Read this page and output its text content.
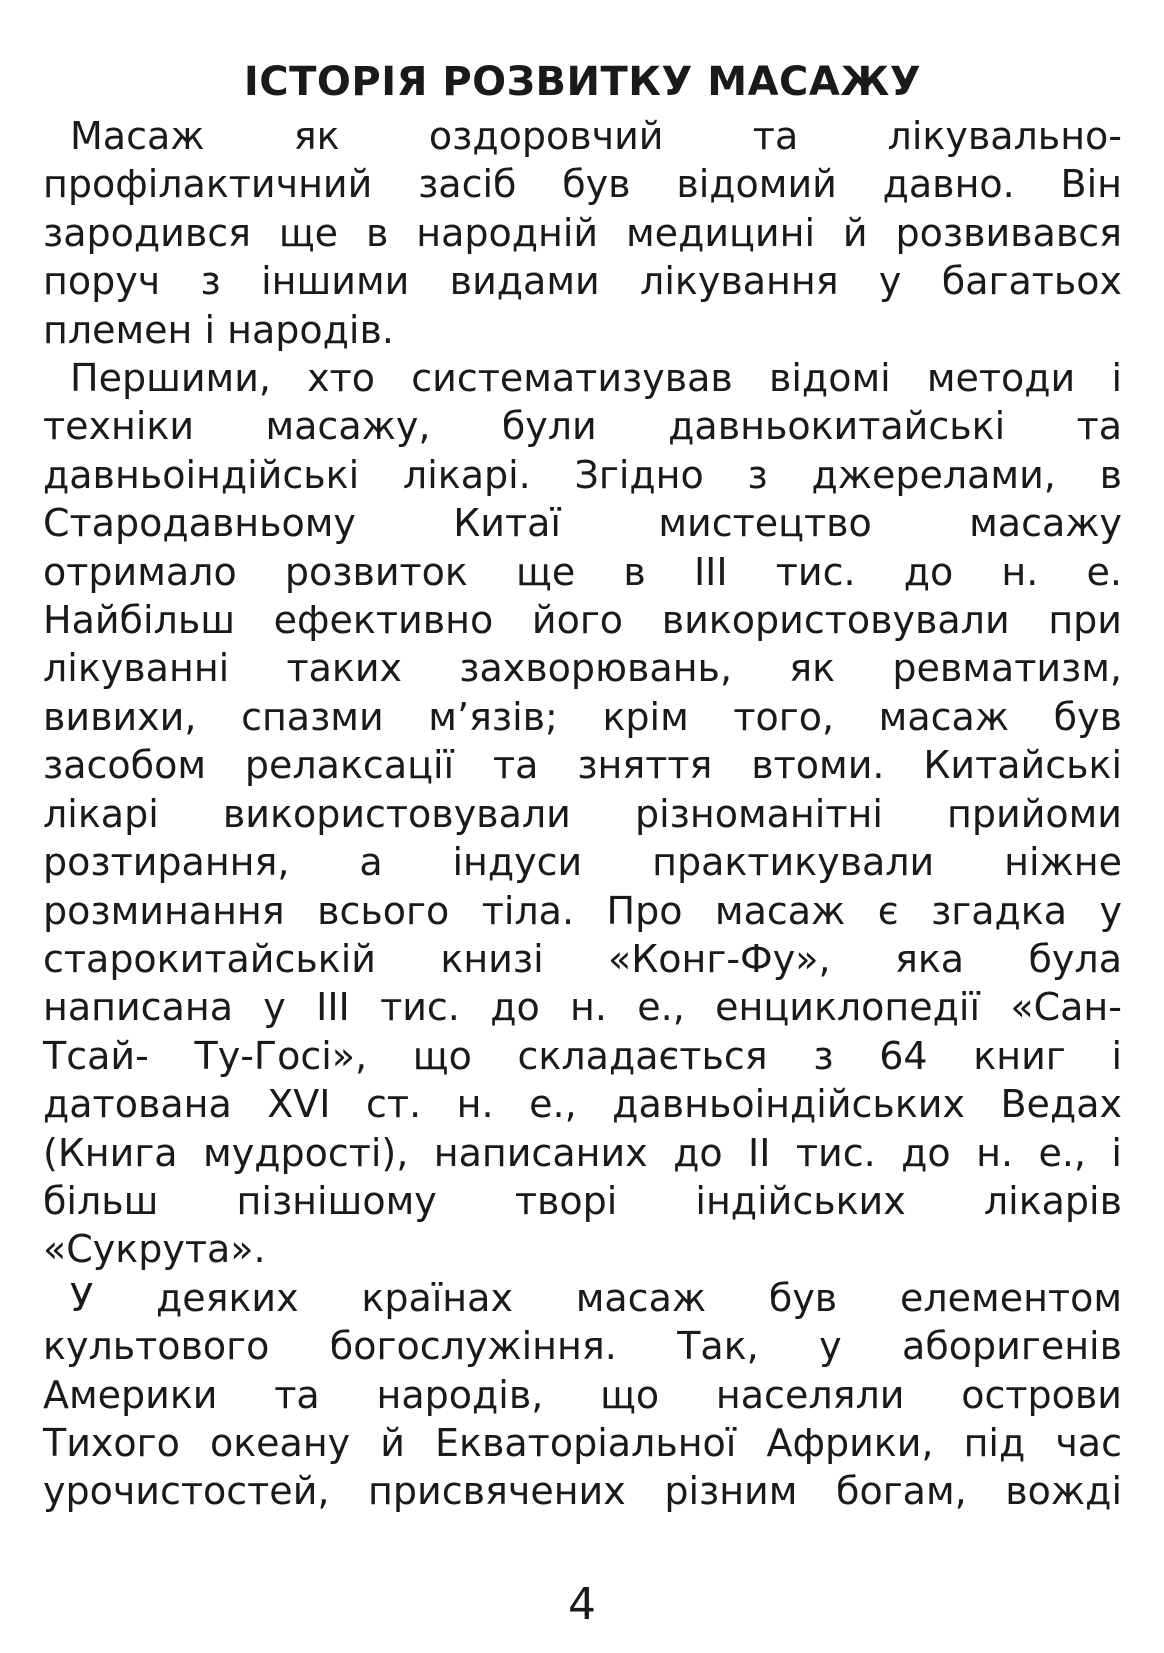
ІСТОРІЯ РОЗВИТКУ МАСАЖУ
Масаж як оздоровчий та лікувально-
профілактичний засіб був відомий давно. Він
зародився ще в народній медицині й розвивався
поруч з іншими видами лікування у багатьох
племен і народів.
Першими, хто систематизував відомі методи і
техніки масажу, були давньокитайські та
давньоіндійські лікарі. Згідно з джерелами, в
Стародавньому Китаї мистецтво масажу
отримало розвиток ще в III тис. до н. е.
Найбільш ефективно його використовували при
лікуванні таких захворювань, як ревматизм,
вивихи, спазми м’язів; крім того, масаж був
засобом релаксації та зняття втоми. Китайські
лікарі використовували різноманітні прийоми
розтирання, а індуси практикували ніжне
розминання всього тіла. Про масаж є згадка у
старокитайській книзі «Конг-Фу», яка була
написана у III тис. до н. е., енциклопедії «Сан-
Тсай- Ту-Госі», що складається з 64 книг і
датована XVI ст. н. е., давньоіндійських Ведах
(Книга мудрості), написаних до II тис. до н. е., і
більш пізнішому творі індійських лікарів
«Сукрута».
У деяких країнах масаж був елементом
культового богослужіння. Так, у аборигенів
Америки та народів, що населяли острови
Тихого океану й Екваторіальної Африки, під час
урочистостей, присвячених різним богам, вожді
4
